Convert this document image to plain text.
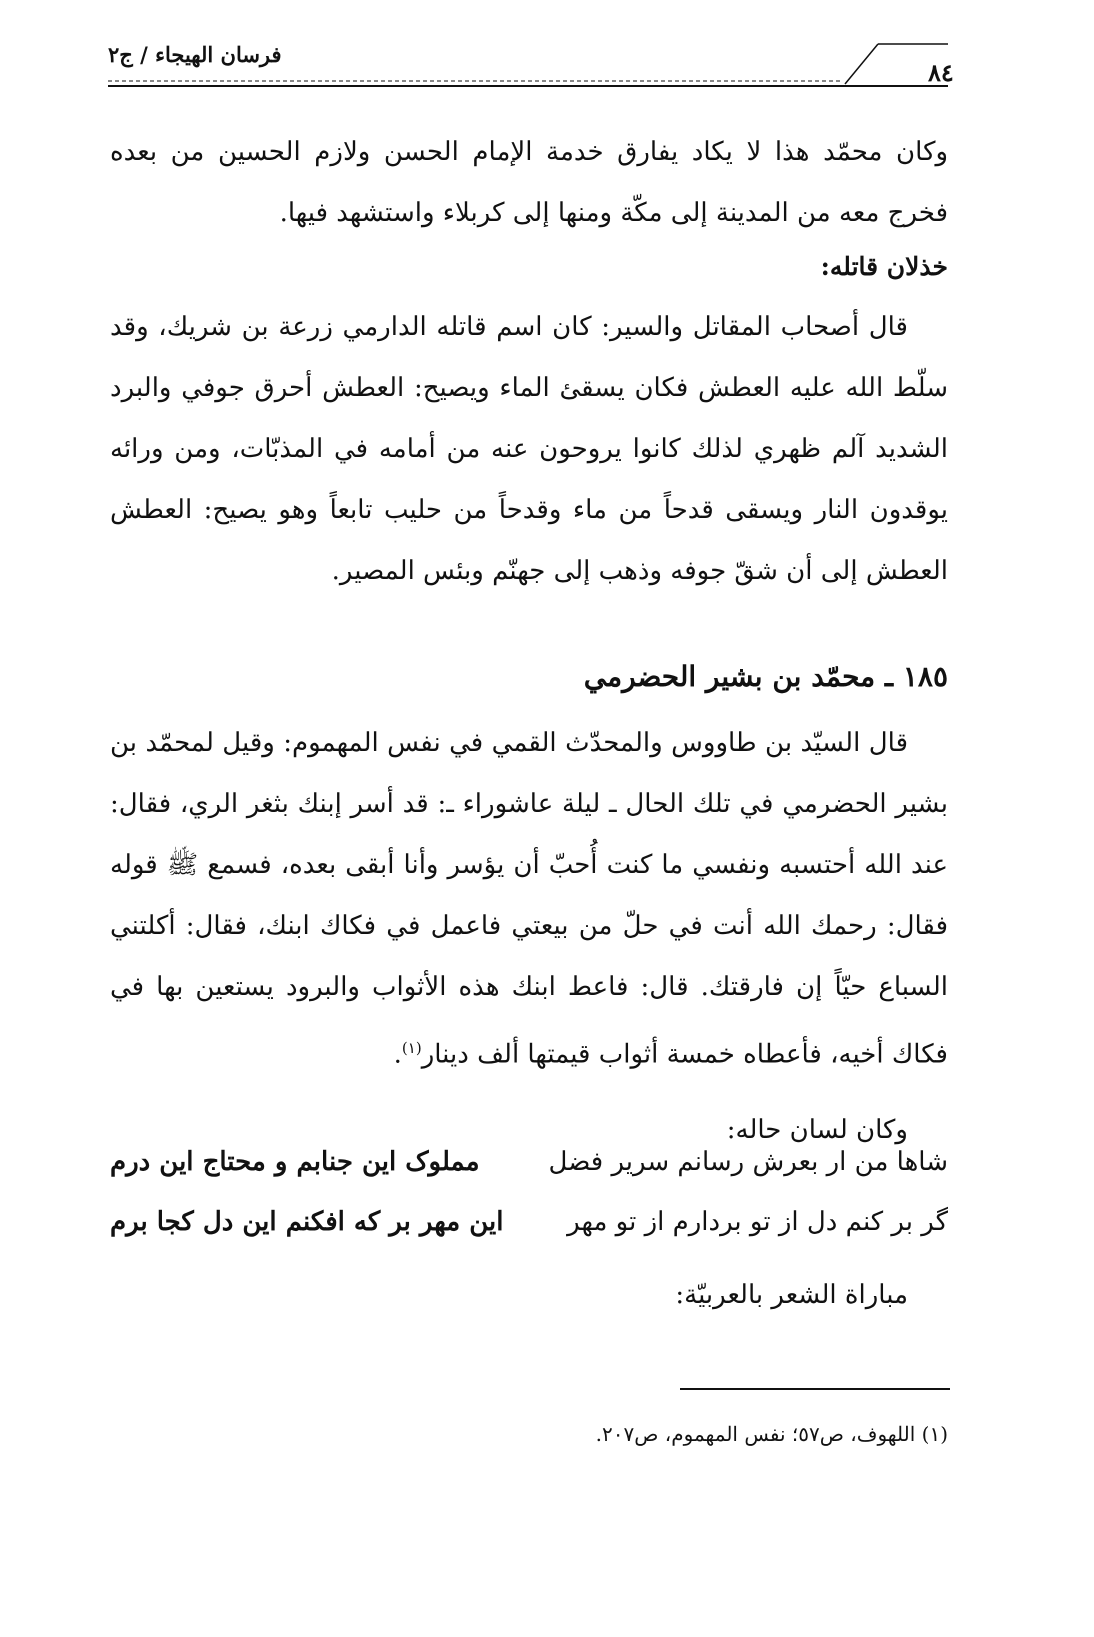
فرسان الهيجاء / ج٢
٨٤
وكان محمّد هذا لا يكاد يفارق خدمة الإمام الحسن ولازم الحسين من بعده فخرج معه من المدينة إلى مكّة ومنها إلى كربلاء واستشهد فيها.
خذلان قاتله:
قال أصحاب المقاتل والسير: كان اسم قاتله الدارمي زرعة بن شريك، وقد سلّط الله عليه العطش فكان يسقئ الماء ويصيح: العطش أحرق جوفي والبرد الشديد آلم ظهري لذلك كانوا يروحون عنه من أمامه في المذبّات، ومن ورائه يوقدون النار ويسقى قدحاً من ماء وقدحاً من حليب تابعاً وهو يصيح: العطش العطش إلى أن شقّ جوفه وذهب إلى جهنّم وبئس المصير.
١٨٥ ـ محمّد بن بشير الحضرمي
قال السيّد بن طاووس والمحدّث القمي في نفس المهموم: وقيل لمحمّد بن بشير الحضرمي في تلك الحال ـ ليلة عاشوراء ـ: قد أسر إبنك بثغر الري، فقال: عند الله أحتسبه ونفسي ما كنت أُحبّ أن يؤسر وأنا أبقى بعده، فسمع ﷺ قوله فقال: رحمك الله أنت في حلّ من بيعتي فاعمل في فكاك ابنك، فقال: أكلتني السباع حيّاً إن فارقتك. قال: فاعط ابنك هذه الأثواب والبرود يستعين بها في فكاك أخيه، فأعطاه خمسة أثواب قيمتها ألف دينار$^{(١)}$.
وكان لسان حاله:
شاها من ار بعرش رسانم سرير فضل
مملوک اين جنابم و محتاج اين درم
گر بر کنم دل از تو بردارم از تو مهر
اين مهر بر كه افكنم اين دل كجا برم
مباراة الشعر بالعربيّة:
(١) اللهوف، ص٥٧؛ نفس المهموم، ص٢٠٧.
